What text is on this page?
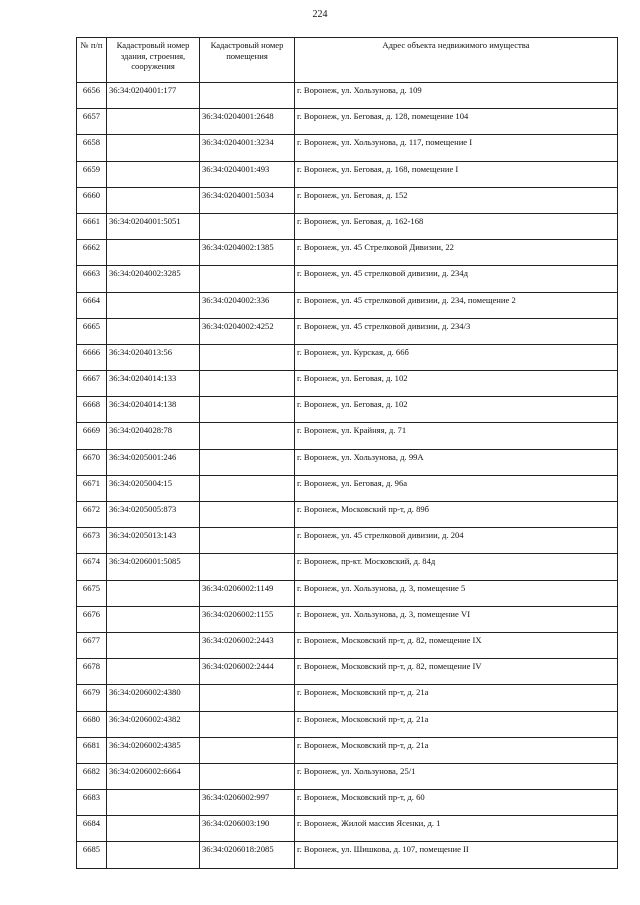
224
№ п/п	Кадастровый номер здания, строения, сооружения	Кадастровый номер помещения	Адрес объекта недвижимого имущества
6656	36:34:0204001:177		г. Воронеж, ул. Хользунова, д. 109
6657		36:34:0204001:2648	г. Воронеж, ул. Беговая, д. 128, помещение 104
6658		36:34:0204001:3234	г. Воронеж, ул. Хользунова, д. 117, помещение I
6659		36:34:0204001:493	г. Воронеж, ул. Беговая, д. 168, помещение I
6660		36:34:0204001:5034	г. Воронеж, ул. Беговая, д. 152
6661	36:34:0204001:5051		г. Воронеж, ул. Беговая, д. 162-168
6662		36:34:0204002:1385	г. Воронеж, ул. 45 Стрелковой Дивизии, 22
6663	36:34:0204002:3285		г. Воронеж, ул. 45 стрелковой дивизии, д. 234д
6664		36:34:0204002:336	г. Воронеж, ул. 45 стрелковой дивизии, д. 234, помещение 2
6665		36:34:0204002:4252	г. Воронеж, ул. 45 стрелковой дивизии, д. 234/3
6666	36:34:0204013:56		г. Воронеж, ул. Курская, д. 66б
6667	36:34:0204014:133		г. Воронеж, ул. Беговая, д. 102
6668	36:34:0204014:138		г. Воронеж, ул. Беговая, д. 102
6669	36:34:0204028:78		г. Воронеж, ул. Крайняя, д. 71
6670	36:34:0205001:246		г. Воронеж, ул. Хользунова, д. 99А
6671	36:34:0205004:15		г. Воронеж, ул. Беговая, д. 96а
6672	36:34:0205005:873		г. Воронеж, Московский пр-т, д. 89б
6673	36:34:0205013:143		г. Воронеж, ул. 45 стрелковой дивизии, д. 204
6674	36:34:0206001:5085		г. Воронеж, пр-кт. Московский, д. 84д
6675		36:34:0206002:1149	г. Воронеж, ул. Хользунова, д. 3, помещение 5
6676		36:34:0206002:1155	г. Воронеж, ул. Хользунова, д. 3, помещение VI
6677		36:34:0206002:2443	г. Воронеж, Московский пр-т, д. 82, помещение IX
6678		36:34:0206002:2444	г. Воронеж, Московский пр-т, д. 82, помещение IV
6679	36:34:0206002:4380		г. Воронеж, Московский пр-т, д. 21а
6680	36:34:0206002:4382		г. Воронеж, Московский пр-т, д. 21а
6681	36:34:0206002:4385		г. Воронеж, Московский пр-т, д. 21а
6682	36:34:0206002:6664		г. Воронеж, ул. Хользунова, 25/1
6683		36:34:0206002:997	г. Воронеж, Московский пр-т, д. 60
6684		36:34:0206003:190	г. Воронеж, Жилой массив Ясенки, д. 1
6685		36:34:0206018:2085	г. Воронеж, ул. Шишкова, д. 107, помещение II
